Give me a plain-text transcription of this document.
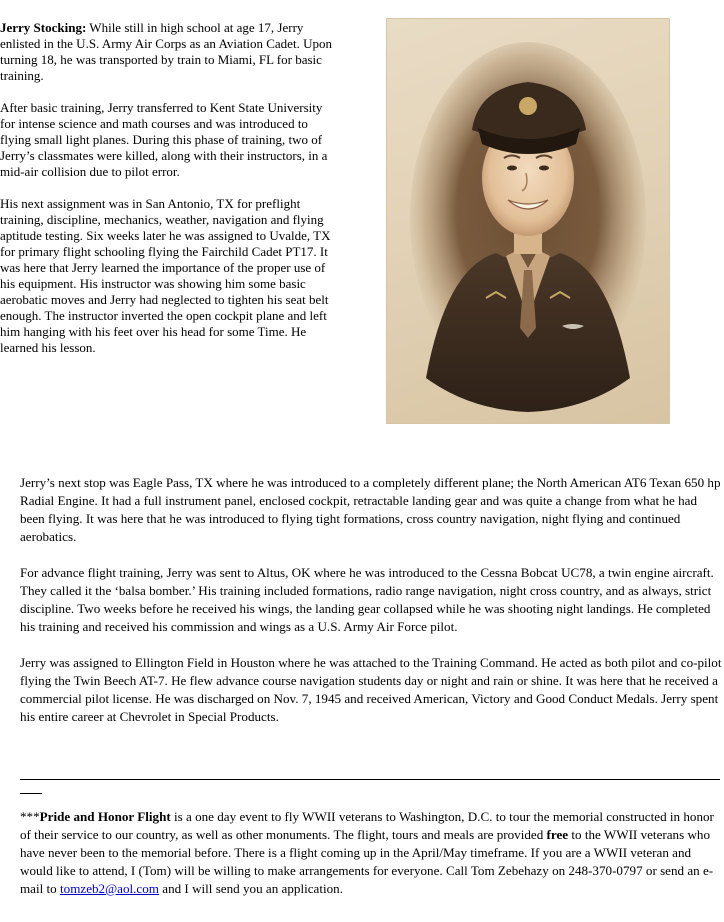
Jerry Stocking: While still in high school at age 17, Jerry enlisted in the U.S. Army Air Corps as an Aviation Cadet. Upon turning 18, he was transported by train to Miami, FL for basic training.

After basic training, Jerry transferred to Kent State University for intense science and math courses and was introduced to flying small light planes. During this phase of training, two of Jerry’s classmates were killed, along with their instructors, in a mid-air collision due to pilot error.

His next assignment was in San Antonio, TX for preflight training, discipline, mechanics, weather, navigation and flying aptitude testing. Six weeks later he was assigned to Uvalde, TX for primary flight schooling flying the Fairchild Cadet PT17. It was here that Jerry learned the importance of the proper use of his equipment. His instructor was showing him some basic aerobatic moves and Jerry had neglected to tighten his seat belt enough. The instructor inverted the open cockpit plane and left him hanging with his feet over his head for some Time. He learned his lesson.

Jerry’s next stop was Eagle Pass, TX where he was introduced to a completely different plane; the North American AT6 Texan 650 hp Radial Engine. It had a full instrument panel, enclosed cockpit, retractable landing gear and was quite a change from what he had been flying. It was here that he was introduced to flying tight formations, cross country navigation, night flying and continued aerobatics.

For advance flight training, Jerry was sent to Altus, OK where he was introduced to the Cessna Bobcat UC78, a twin engine aircraft. They called it the ‘balsa bomber.’ His training included formations, radio range navigation, night cross country, and as always, strict discipline. Two weeks before he received his wings, the landing gear collapsed while he was shooting night landings. He completed his training and received his commission and wings as a U.S. Army Air Force pilot.

Jerry was assigned to Ellington Field in Houston where he was attached to the Training Command. He acted as both pilot and co-pilot flying the Twin Beech AT-7. He flew advance course navigation students day or night and rain or shine. It was here that he received a commercial pilot license. He was discharged on Nov. 7, 1945 and received American, Victory and Good Conduct Medals. Jerry spent his entire career at Chevrolet in Special Products.

***Pride and Honor Flight is a one day event to fly WWII veterans to Washington, D.C. to tour the memorial constructed in honor of their service to our country, as well as other monuments. The flight, tours and meals are provided free to the WWII veterans who have never been to the memorial before. There is a flight coming up in the April/May timeframe. If you are a WWII veteran and would like to attend, I (Tom) will be willing to make arrangements for everyone. Call Tom Zebehazy on 248-370-0797 or send an e-mail to tomzeb2@aol.com and I will send you an application.
